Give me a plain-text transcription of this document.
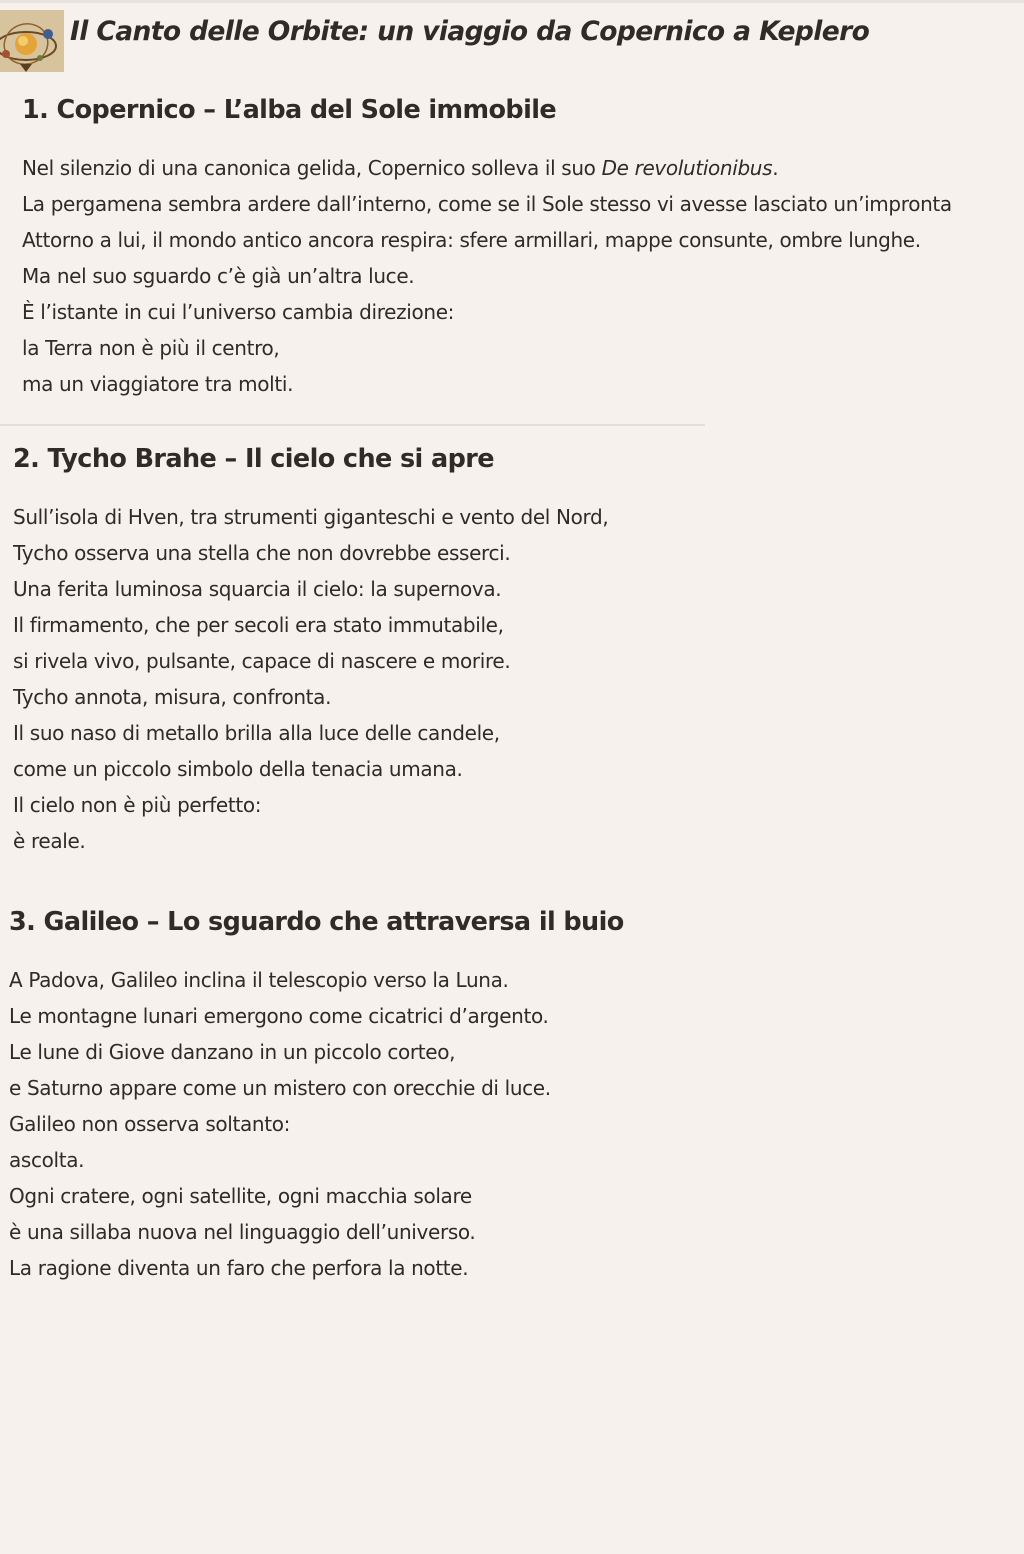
Il Canto delle Orbite: un viaggio da Copernico a Keplero
1. Copernico – L’alba del Sole immobile
Nel silenzio di una canonica gelida, Copernico solleva il suo De revolutionibus.
La pergamena sembra ardere dall’interno, come se il Sole stesso vi avesse lasciato un’impronta
Attorno a lui, il mondo antico ancora respira: sfere armillari, mappe consunte, ombre lunghe.
Ma nel suo sguardo c’è già un’altra luce.
È l’istante in cui l’universo cambia direzione:
la Terra non è più il centro,
ma un viaggiatore tra molti.
2. Tycho Brahe – Il cielo che si apre
Sull’isola di Hven, tra strumenti giganteschi e vento del Nord,
Tycho osserva una stella che non dovrebbe esserci.
Una ferita luminosa squarcia il cielo: la supernova.
Il firmamento, che per secoli era stato immutabile,
si rivela vivo, pulsante, capace di nascere e morire.
Tycho annota, misura, confronta.
Il suo naso di metallo brilla alla luce delle candele,
come un piccolo simbolo della tenacia umana.
Il cielo non è più perfetto:
è reale.
3. Galileo – Lo sguardo che attraversa il buio
A Padova, Galileo inclina il telescopio verso la Luna.
Le montagne lunari emergono come cicatrici d’argento.
Le lune di Giove danzano in un piccolo corteo,
e Saturno appare come un mistero con orecchie di luce.
Galileo non osserva soltanto:
ascolta.
Ogni cratere, ogni satellite, ogni macchia solare
è una sillaba nuova nel linguaggio dell’universo.
La ragione diventa un faro che perfora la notte.
